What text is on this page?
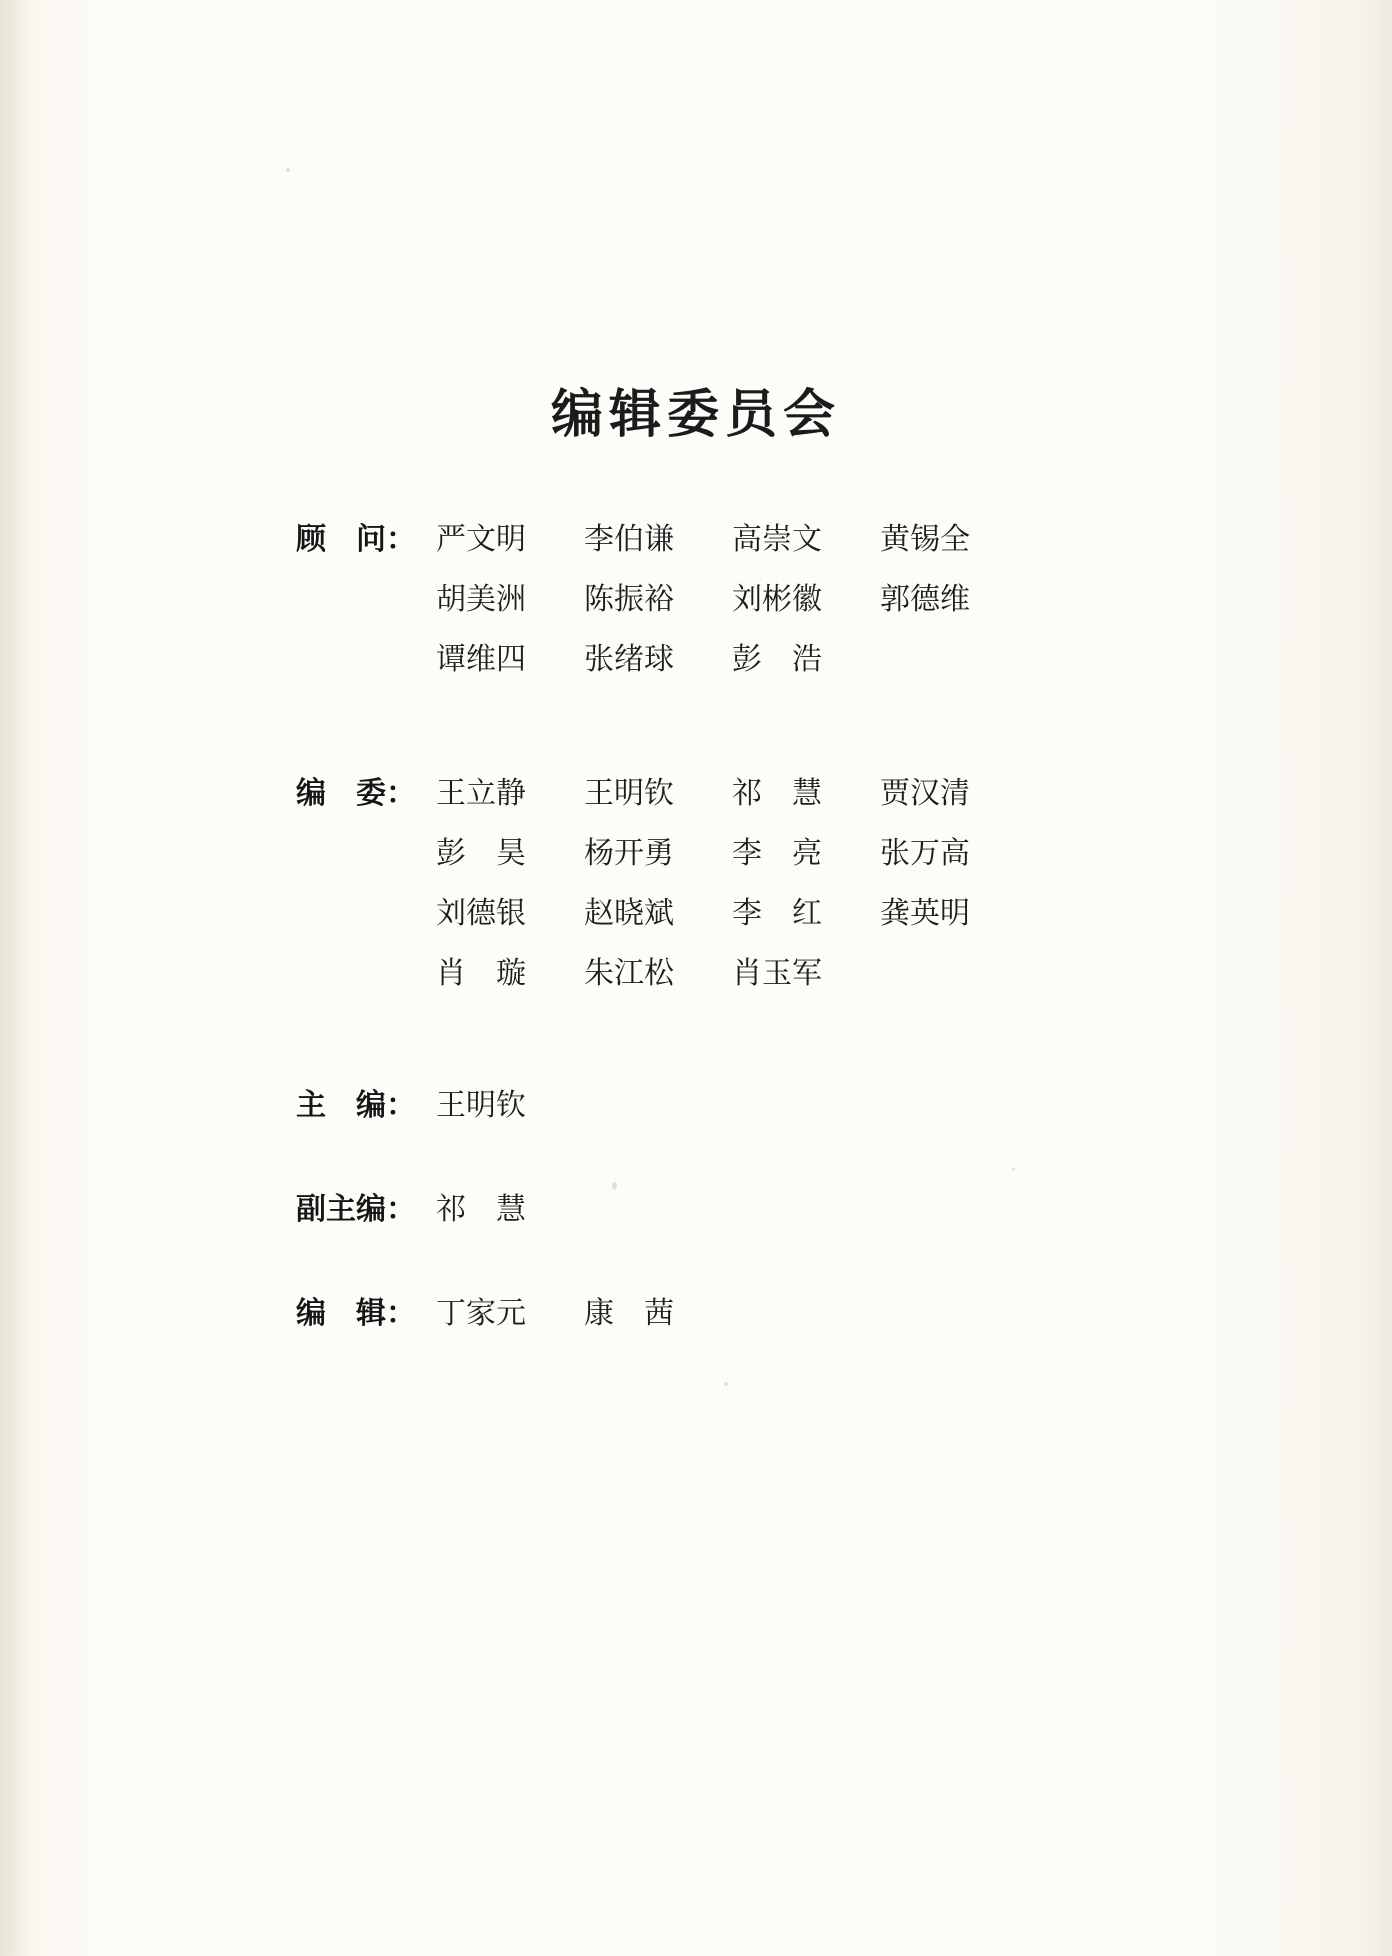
编辑委员会
顾　问： 严文明	李伯谦	高崇文	黄锡全
胡美洲	陈振裕	刘彬徽	郭德维
谭维四	张绪球	彭　浩
编　委： 王立静	王明钦	祁　慧	贾汉清
彭　昊	杨开勇	李　亮	张万高
刘德银	赵晓斌	李　红	龚英明
肖　璇	朱江松	肖玉军
主　编： 王明钦
副主编： 祁　慧
编　辑： 丁家元	康　茜
